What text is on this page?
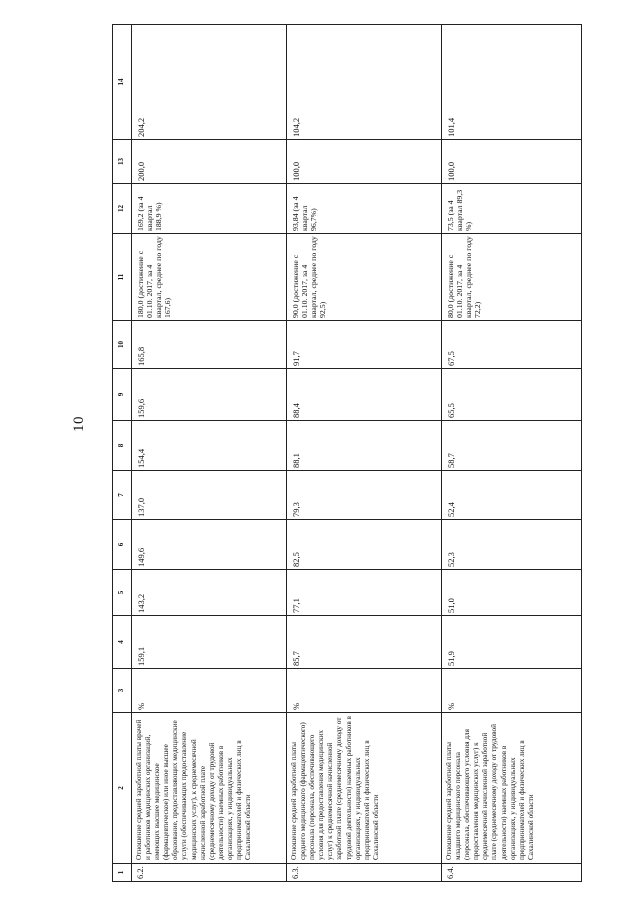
10
1	2	3	4	5	6	7	8	9	10	11	12	13	14
6.2.	Отношение средней заработной платы врачей и работников медицинских организаций, имеющих высшее медицинское (фармацевтическое) или иное высшее образование, предоставляющих медицинские услуги (обеспечивающих предоставление медицинских услуг), к среднемесячной начисленной заработной плате (среднемесячному доходу от трудовой деятельности) наемных работников в организациях, у индивидуальных предпринимателей и физических лиц в Сахалинской области	%	159,1	143,2	149,6	137,0	154,4	159,6	165,8	180,0 (достижение с 01.10. 2017, за 4 квартал, среднее по году 167,6)	169,2 (за 4 квартал 188,9 %)	200,0	204,2
6.3.	Отношение средней заработной платы среднего медицинского (фармацевтического) персонала (персонала, обеспечивающего условия для предоставления медицинских услуг) к среднемесячной начисленной заработной плате (среднемесячному доходу от трудовой деятельности) наемных работников в организациях, у индивидуальных предпринимателей и физических лиц в Сахалинской области	%	85,7	77,1	82,5	79,3	88,1	88,4	91,7	90,0 (достижение с 01.10. 2017, за 4 квартал, среднее по году 92,5)	93,84 (за 4 квартал 96,7%)	100,0	104,2
6.4.	Отношение средней заработной платы младшего медицинского персонала (персонала, обеспечивающего условия для предоставления медицинских услуг) к среднемесячной начисленной заработной плате (среднемесячному доходу от трудовой деятельности) наемных работников в организациях, у индивидуальных предпринимателей и физических лиц в Сахалинской области	%	51,9	51,0	52,3	52,4	58,7	65,5	67,5	80,0 (достижение с 01.10. 2017, за 4 квартал, среднее по году 72,2)	73,5 (за 4 квартал 89,3 %)	100,0	101,4
